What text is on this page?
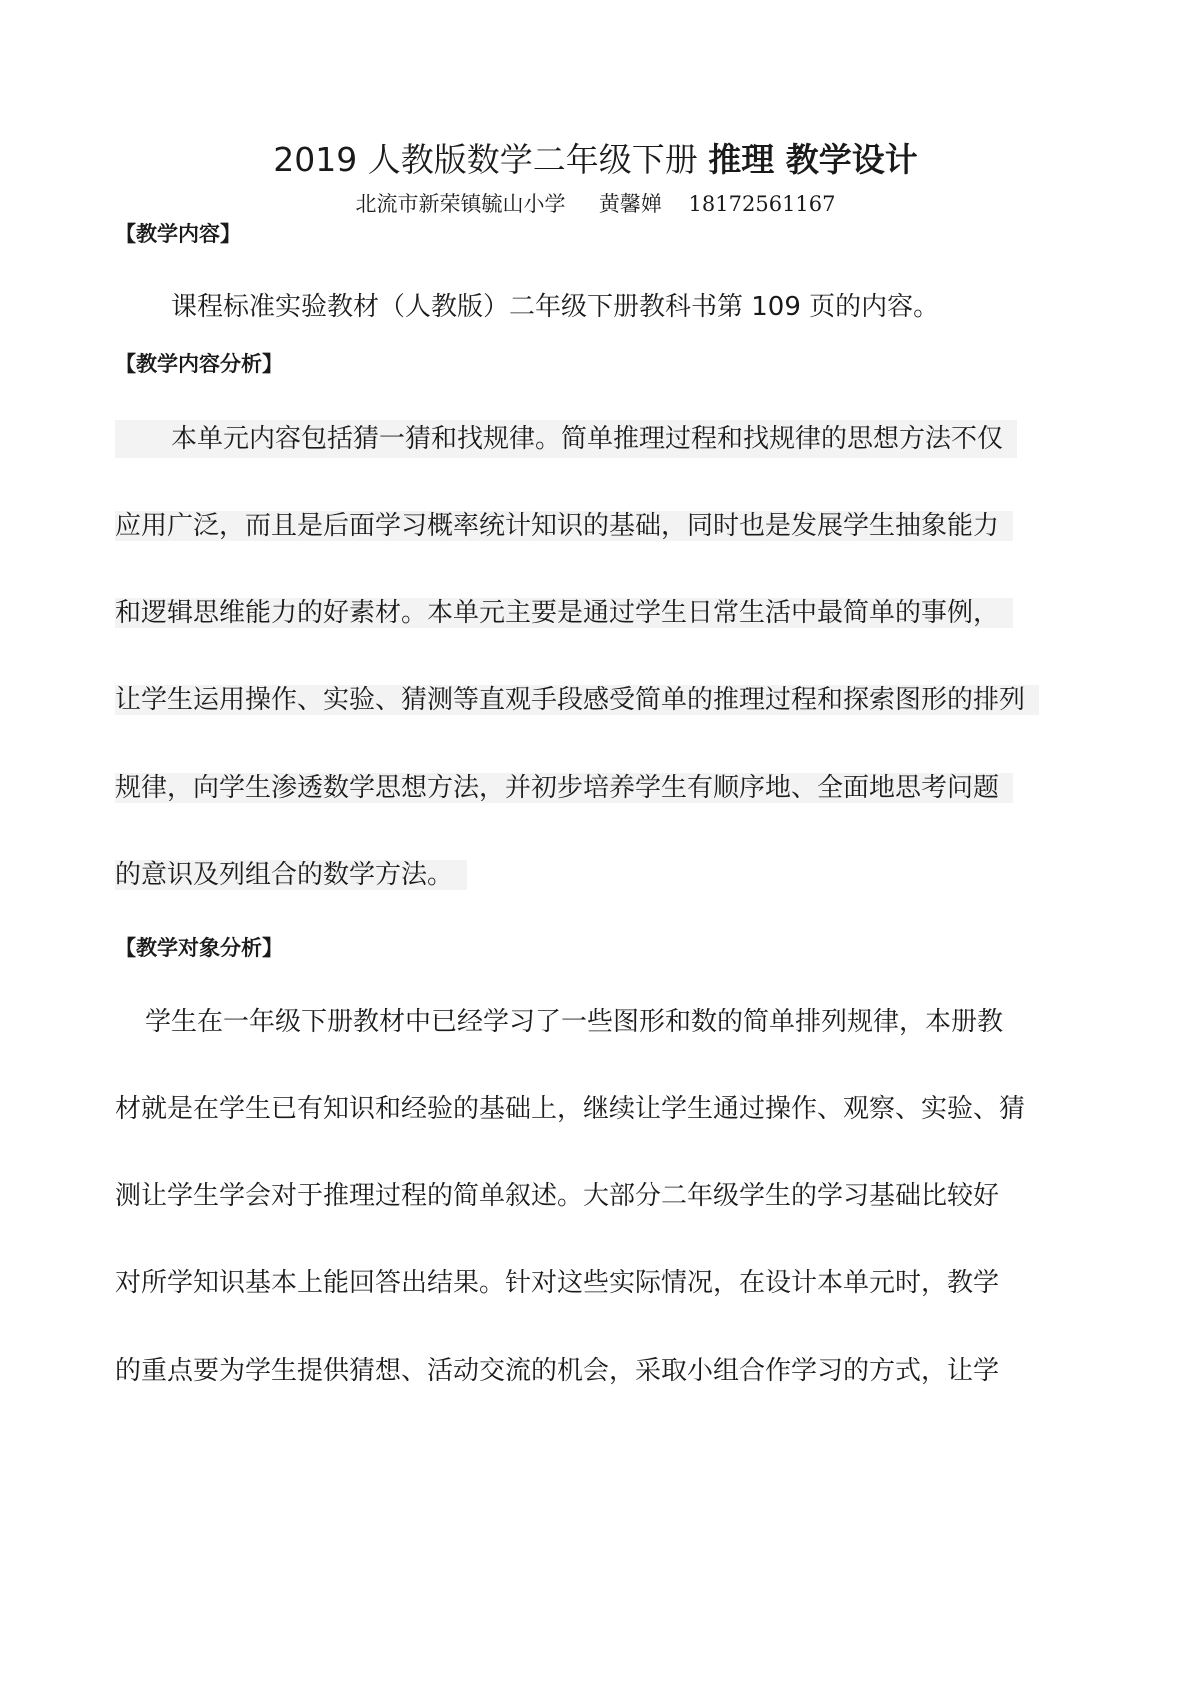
2019 人教版数学二年级下册 推理 教学设计
北流市新荣镇毓山小学     黄馨婵    18172561167
【教学内容】
课程标准实验教材（人教版）二年级下册教科书第 109 页的内容。
【教学内容分析】
本单元内容包括猜一猜和找规律。简单推理过程和找规律的思想方法不仅
应用广泛，而且是后面学习概率统计知识的基础，同时也是发展学生抽象能力
和逻辑思维能力的好素材。本单元主要是通过学生日常生活中最简单的事例，
让学生运用操作、实验、猜测等直观手段感受简单的推理过程和探索图形的排列
规律，向学生渗透数学思想方法，并初步培养学生有顺序地、全面地思考问题
的意识及列组合的数学方法。
【教学对象分析】
学生在一年级下册教材中已经学习了一些图形和数的简单排列规律，本册教
材就是在学生已有知识和经验的基础上，继续让学生通过操作、观察、实验、猜
测让学生学会对于推理过程的简单叙述。大部分二年级学生的学习基础比较好
对所学知识基本上能回答出结果。针对这些实际情况，在设计本单元时，教学
的重点要为学生提供猜想、活动交流的机会，采取小组合作学习的方式，让学
